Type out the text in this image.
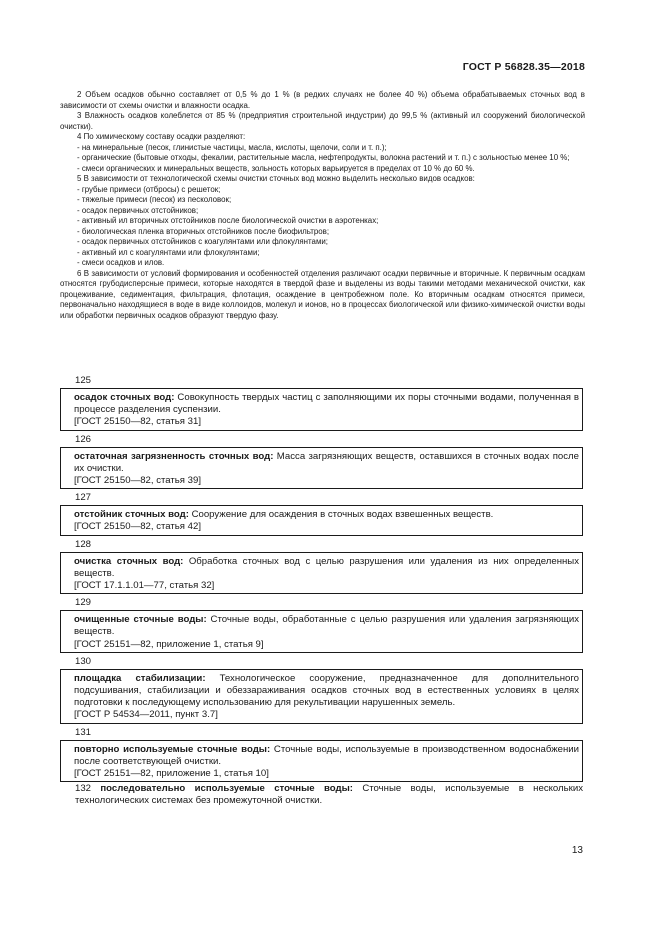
ГОСТ Р 56828.35—2018

2 Объем осадков обычно составляет от 0,5 % до 1 % (в редких случаях не более 40 %) объема обрабатываемых сточных вод в зависимости от схемы очистки и влажности осадка.

3 Влажность осадков колеблется от 85 % (предприятия строительной индустрии) до 99,5 % (активный ил сооружений биологической очистки).

4 По химическому составу осадки разделяют:

- на минеральные (песок, глинистые частицы, масла, кислоты, щелочи, соли и т. п.);

- органические (бытовые отходы, фекалии, растительные масла, нефтепродукты, волокна растений и т. п.) с зольностью менее 10 %;

- смеси органических и минеральных веществ, зольность которых варьируется в пределах от 10 % до 60 %.

5 В зависимости от технологической схемы очистки сточных вод можно выделить несколько видов осадков:

- грубые примеси (отбросы) с решеток;

- тяжелые примеси (песок) из песколовок;

- осадок первичных отстойников;

- активный ил вторичных отстойников после биологической очистки в аэротенках;

- биологическая пленка вторичных отстойников после биофильтров;

- осадок первичных отстойников с коагулянтами или флокулянтами;

- активный ил с коагулянтами или флокулянтами;

- смеси осадков и илов.

6 В зависимости от условий формирования и особенностей отделения различают осадки первичные и вторичные. К первичным осадкам относятся грубодисперсные примеси, которые находятся в твердой фазе и выделены из воды такими методами механической очистки, как процеживание, седиментация, фильтрация, флотация, осаждение в центробежном поле. Ко вторичным осадкам относятся примеси, первоначально находящиеся в воде в виде коллоидов, молекул и ионов, но в процессах биологической или физико-химической очистки воды или обработки первичных осадков образуют твердую фазу.

125

осадок сточных вод: Совокупность твердых частиц с заполняющими их поры сточными водами, полученная в процессе разделения суспензии.

[ГОСТ 25150—82, статья 31]

126

остаточная загрязненность сточных вод: Масса загрязняющих веществ, оставшихся в сточных водах после их очистки.

[ГОСТ 25150—82, статья 39]

127

отстойник сточных вод: Сооружение для осаждения в сточных водах взвешенных веществ.

[ГОСТ 25150—82, статья 42]

128

очистка сточных вод: Обработка сточных вод с целью разрушения или удаления из них определенных веществ.

[ГОСТ 17.1.1.01—77, статья 32]

129

очищенные сточные воды: Сточные воды, обработанные с целью разрушения или удаления загрязняющих веществ.

[ГОСТ 25151—82, приложение 1, статья 9]

130

площадка стабилизации: Технологическое сооружение, предназначенное для дополнительного подсушивания, стабилизации и обеззараживания осадков сточных вод в естественных условиях в целях подготовки к последующему использованию для рекультивации нарушенных земель.

[ГОСТ Р 54534—2011, пункт 3.7]

131

повторно используемые сточные воды: Сточные воды, используемые в производственном водоснабжении после соответствующей очистки.

[ГОСТ 25151—82, приложение 1, статья 10]

132 последовательно используемые сточные воды: Сточные воды, используемые в нескольких технологических системах без промежуточной очистки.

13
